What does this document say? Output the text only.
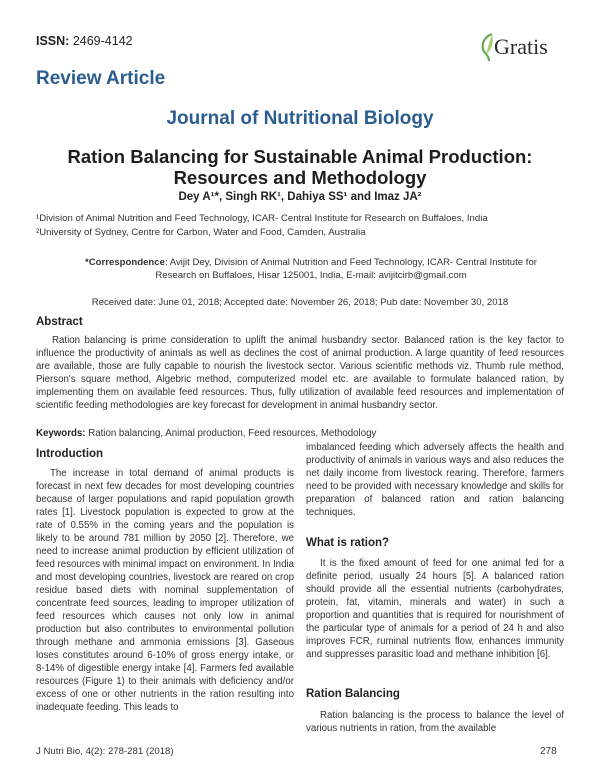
ISSN: 2469-4142	Gratis
Review Article
Journal of Nutritional Biology
Ration Balancing for Sustainable Animal Production: Resources and Methodology
Dey A¹*, Singh RK¹, Dahiya SS¹ and Imaz JA²
¹Division of Animal Nutrition and Feed Technology, ICAR- Central Institute for Research on Buffaloes, India
²University of Sydney, Centre for Carbon, Water and Food, Camden, Australia
*Correspondence: Avijit Dey, Division of Animal Nutrition and Feed Technology, ICAR- Central Institute for Research on Buffaloes, Hisar 125001, India, E-mail: avijitcirb@gmail.com
Received date: June 01, 2018; Accepted date: November 26, 2018; Pub date: November 30, 2018
Abstract
Ration balancing is prime consideration to uplift the animal husbandry sector. Balanced ration is the key factor to influence the productivity of animals as well as declines the cost of animal production. A large quantity of feed resources are available, those are fully capable to nourish the livestock sector. Various scientific methods viz. Thumb rule method, Pierson's square method, Algebric method, computerized model etc. are available to formulate balanced ration, by implementing them on available feed resources. Thus, fully utilization of available feed resources and implementation of scientific feeding methodologies are key forecast for development in animal husbandry sector.
Keywords: Ration balancing, Animal production, Feed resources, Methodology
Introduction

The increase in total demand of animal products is forecast in next few decades for most developing countries because of larger populations and rapid population growth rates [1]. Livestock population is expected to grow at the rate of 0.55% in the coming years and the population is likely to be around 781 million by 2050 [2]. Therefore, we need to increase animal production by efficient utilization of feed resources with minimal impact on environment. In India and most developing countries, livestock are reared on crop residue based diets with nominal supplementation of concentrate feed sources, leading to improper utilization of feed resources which causes not only low in animal production but also contributes to environmental pollution through methane and ammonia emissions [3]. Gaseous loses constitutes around 6-10% of gross energy intake, or 8-14% of digestible energy intake [4]. Farmers fed available resources (Figure 1) to their animals with deficiency and/or excess of one or other nutrients in the ration resulting into inadequate feeding. This leads to

imbalanced feeding which adversely affects the health and productivity of animals in various ways and also reduces the net daily income from livestock rearing. Therefore, farmers need to be provided with necessary knowledge and skills for preparation of balanced ration and ration balancing techniques.

What is ration?

It is the fixed amount of feed for one animal fed for a definite period, usually 24 hours [5]. A balanced ration should provide all the essential nutrients (carbohydrates, protein, fat, vitamin, minerals and water) in such a proportion and quantities that is required for nourishment of the particular type of animals for a period of 24 h and also improves FCR, ruminal nutrients flow, enhances immunity and suppresses parasitic load and methane inhibition [6].

Ration Balancing

Ration balancing is the process to balance the level of various nutrients in ration, from the available

J Nutri Bio, 4(2): 278-281 (2018)	278
